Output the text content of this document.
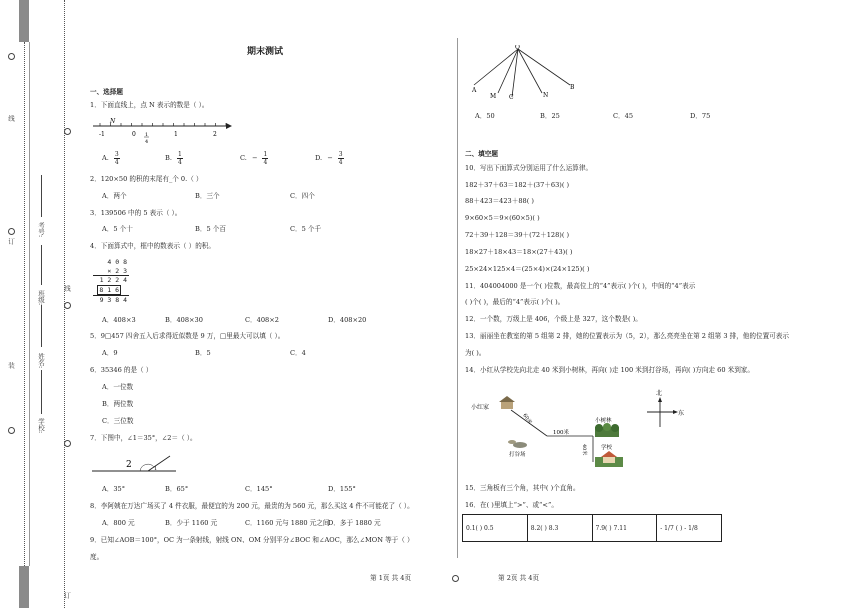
线
订
装
线
订
考号:
班级:
姓名:
学校:
期末测试
一、选择题
1．下面直线上，点 N 表示的数是（ ）。
N
-1	0	1	2
1
4
A. $\frac{3}{4}$	B. $\frac{1}{4}$	C. − $\frac{1}{4}$	D. − $\frac{3}{4}$
2．120×50 的积的末尾有_个 0.（ ）
A．两个	B．三个	C．四个
3．139506 中的 5 表示（ ）。
A．5 个十	B．5 个百	C．5 个千
4．下面算式中，框中的数表示（ ）的积。
4 0 8
× 2 3
1 2 2 4
8 1 6
9 3 8 4
A．408×3	B．408×30	C．408×2	D．408×20
5．9□457 四舍五入后求得近似数是 9 万，□里最大可以填（ ）。
A．9	B．5	C．4
6．35346 的是（ ）
A．一位数
B．两位数
C．三位数
7．下图中，∠1＝35°，∠2＝（ ）。
2	1
A．35°	B．65°	C．145°	D．155°
8．李阿姨在万达广场买了 4 件衣服，最便宜的为 200 元，最贵的为 560 元，那么买这 4 件不可能花了（ ）。
A．800 元	B．少于 1160 元	C．1160 元与 1880 元之间
D．多于 1880 元
9．已知∠AOB＝100°，OC 为一条射线，射线 ON、OM 分别平分∠BOC 和∠AOC，那么∠MON 等于（ ）
度。
O
A
M C	N
B
A．50	B．25	C．45	D．75
二、填空题
10．写出下面算式分别运用了什么运算律。
182＋37＋63＝182＋(37＋63)( )
88＋423＝423＋88( )
9×60×5＝9×(60×5)( )
72＋39＋128＝39＋(72＋128)( )
18×27＋18×43＝18×(27＋43)( )
25×24×125×4＝(25×4)×(24×125)( )
11．404004000 是一个( )位数，最高位上的“4”表示( )个( )，中间的“4”表示
( )个( )，最后的“4”表示( )个( )。
12．一个数，万级上是 406，个级上是 327，这个数是( )。
13．丽丽坐在教室的第 5 组第 2 排，她的位置表示为（5，2），那么亮亮坐在第 2 组第 3 排，他的位置可表示
为( )。
14．小红从学校先向北走 40 米到小树林，再向( )走 100 米到打谷场，再向( )方向走 60 米到家。
小红家
60米
100米
小树林
40米
打谷场
学校
北
东
15．三角板有三个角，其中( )个直角。
16．在( )里填上“>”、或“<”。
0.1( ) 0.5	8.2( ) 8.3	7.9( ) 7.11	- 1/7 ( ) - 1/8
第 1页 共 4页	第 2页 共 4页
